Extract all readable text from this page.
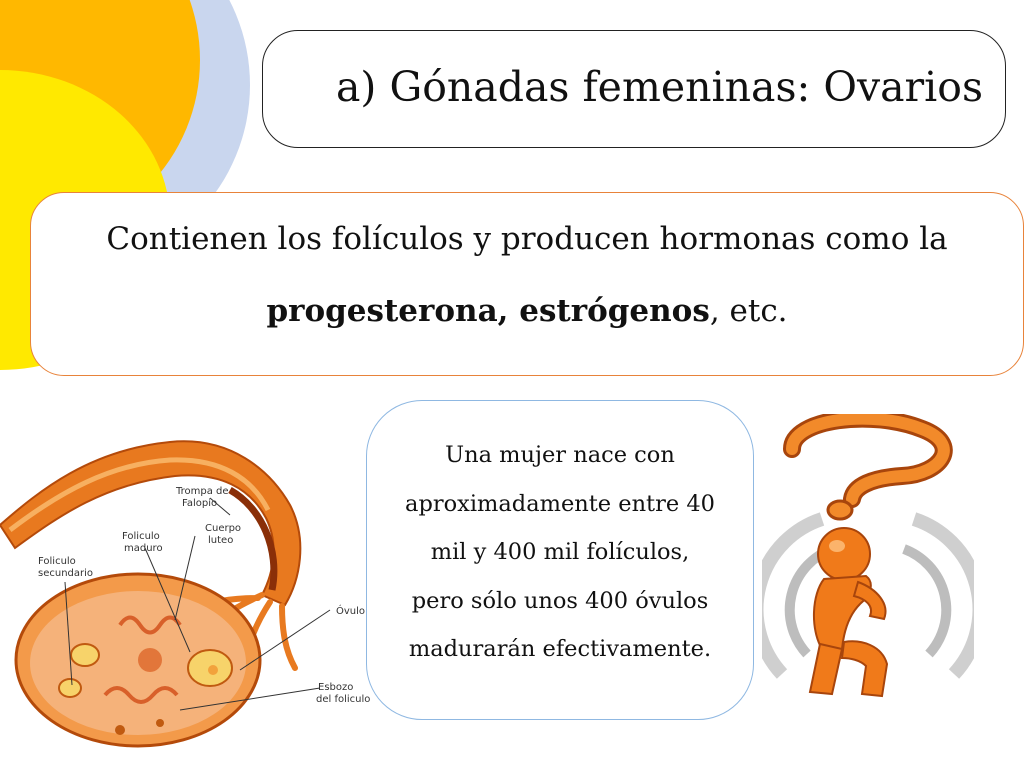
a) Gónadas femeninas: Ovarios
Contienen los folículos y producen hormonas como la
progesterona, estrógenos, etc.
Una mujer nace con
aproximadamente entre 40
mil y 400 mil folículos,
pero sólo unos 400 óvulos
madurarán efectivamente.
Trompa de
Falopio
Cuerpo
luteo
Foliculo
maduro
Foliculo
secundario
Óvulo
Esbozo
del foliculo
